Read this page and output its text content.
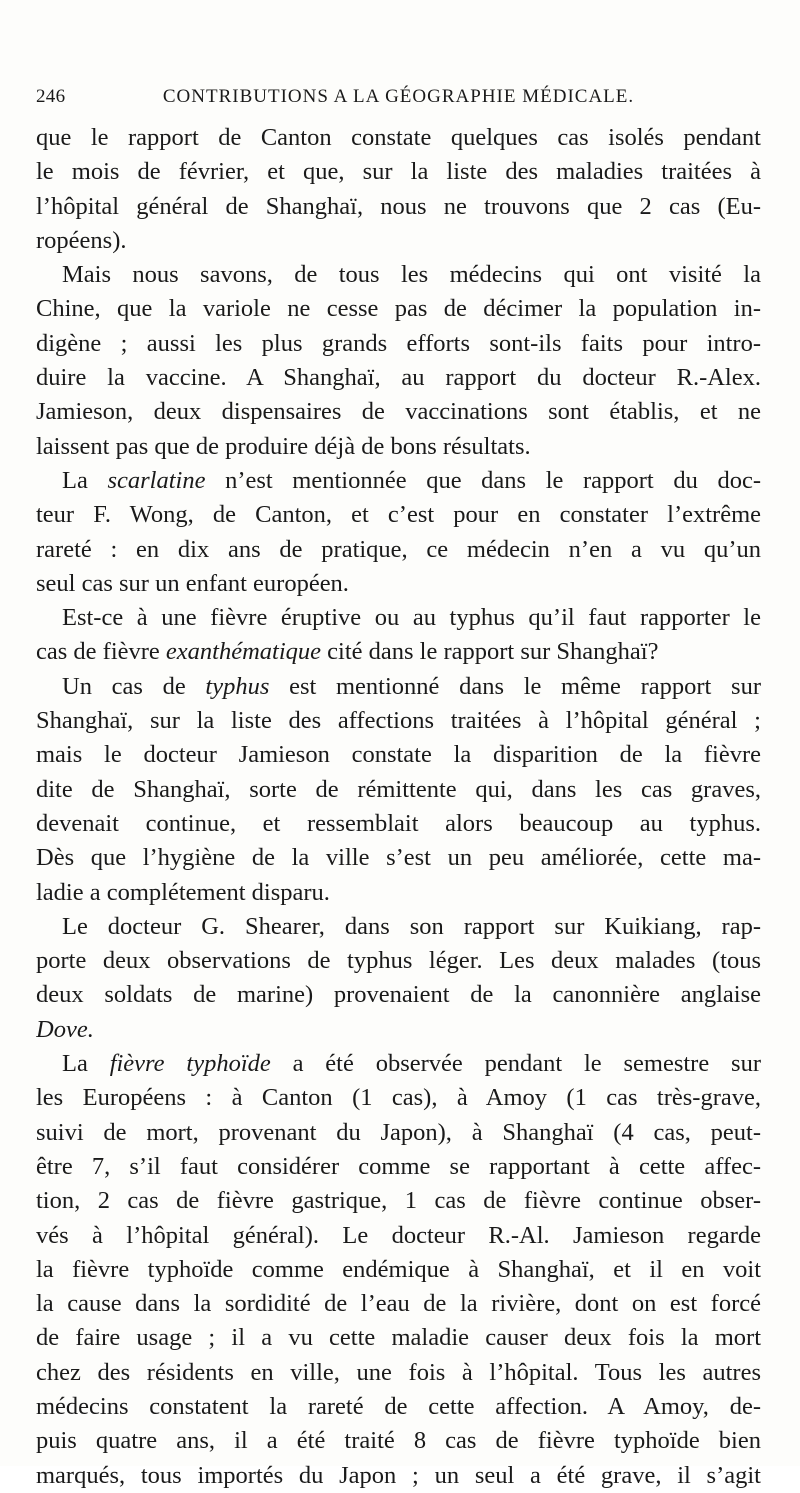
246	CONTRIBUTIONS A LA GÉOGRAPHIE MÉDICALE.
que le rapport de Canton constate quelques cas isolés pendant
le mois de février, et que, sur la liste des maladies traitées à
l’hôpital général de Shanghaï, nous ne trouvons que 2 cas (Eu-
ropéens).
Mais nous savons, de tous les médecins qui ont visité la
Chine, que la variole ne cesse pas de décimer la population in-
digène ; aussi les plus grands efforts sont-ils faits pour intro-
duire la vaccine. A Shanghaï, au rapport du docteur R.-Alex.
Jamieson, deux dispensaires de vaccinations sont établis, et ne
laissent pas que de produire déjà de bons résultats.
La scarlatine n’est mentionnée que dans le rapport du doc-
teur F. Wong, de Canton, et c’est pour en constater l’extrême
rareté : en dix ans de pratique, ce médecin n’en a vu qu’un
seul cas sur un enfant européen.
Est-ce à une fièvre éruptive ou au typhus qu’il faut rapporter le
cas de fièvre exanthématique cité dans le rapport sur Shanghaï?
Un cas de typhus est mentionné dans le même rapport sur
Shanghaï, sur la liste des affections traitées à l’hôpital général ;
mais le docteur Jamieson constate la disparition de la fièvre
dite de Shanghaï, sorte de rémittente qui, dans les cas graves,
devenait continue, et ressemblait alors beaucoup au typhus.
Dès que l’hygiène de la ville s’est un peu améliorée, cette ma-
ladie a complétement disparu.
Le docteur G. Shearer, dans son rapport sur Kuikiang, rap-
porte deux observations de typhus léger. Les deux malades (tous
deux soldats de marine) provenaient de la canonnière anglaise
Dove.
La fièvre typhoïde a été observée pendant le semestre sur
les Européens : à Canton (1 cas), à Amoy (1 cas très-grave,
suivi de mort, provenant du Japon), à Shanghaï (4 cas, peut-
être 7, s’il faut considérer comme se rapportant à cette affec-
tion, 2 cas de fièvre gastrique, 1 cas de fièvre continue obser-
vés à l’hôpital général). Le docteur R.-Al. Jamieson regarde
la fièvre typhoïde comme endémique à Shanghaï, et il en voit
la cause dans la sordidité de l’eau de la rivière, dont on est forcé
de faire usage ; il a vu cette maladie causer deux fois la mort
chez des résidents en ville, une fois à l’hôpital. Tous les autres
médecins constatent la rareté de cette affection. A Amoy, de-
puis quatre ans, il a été traité 8 cas de fièvre typhoïde bien
marqués, tous importés du Japon ; un seul a été grave, il s’agit
